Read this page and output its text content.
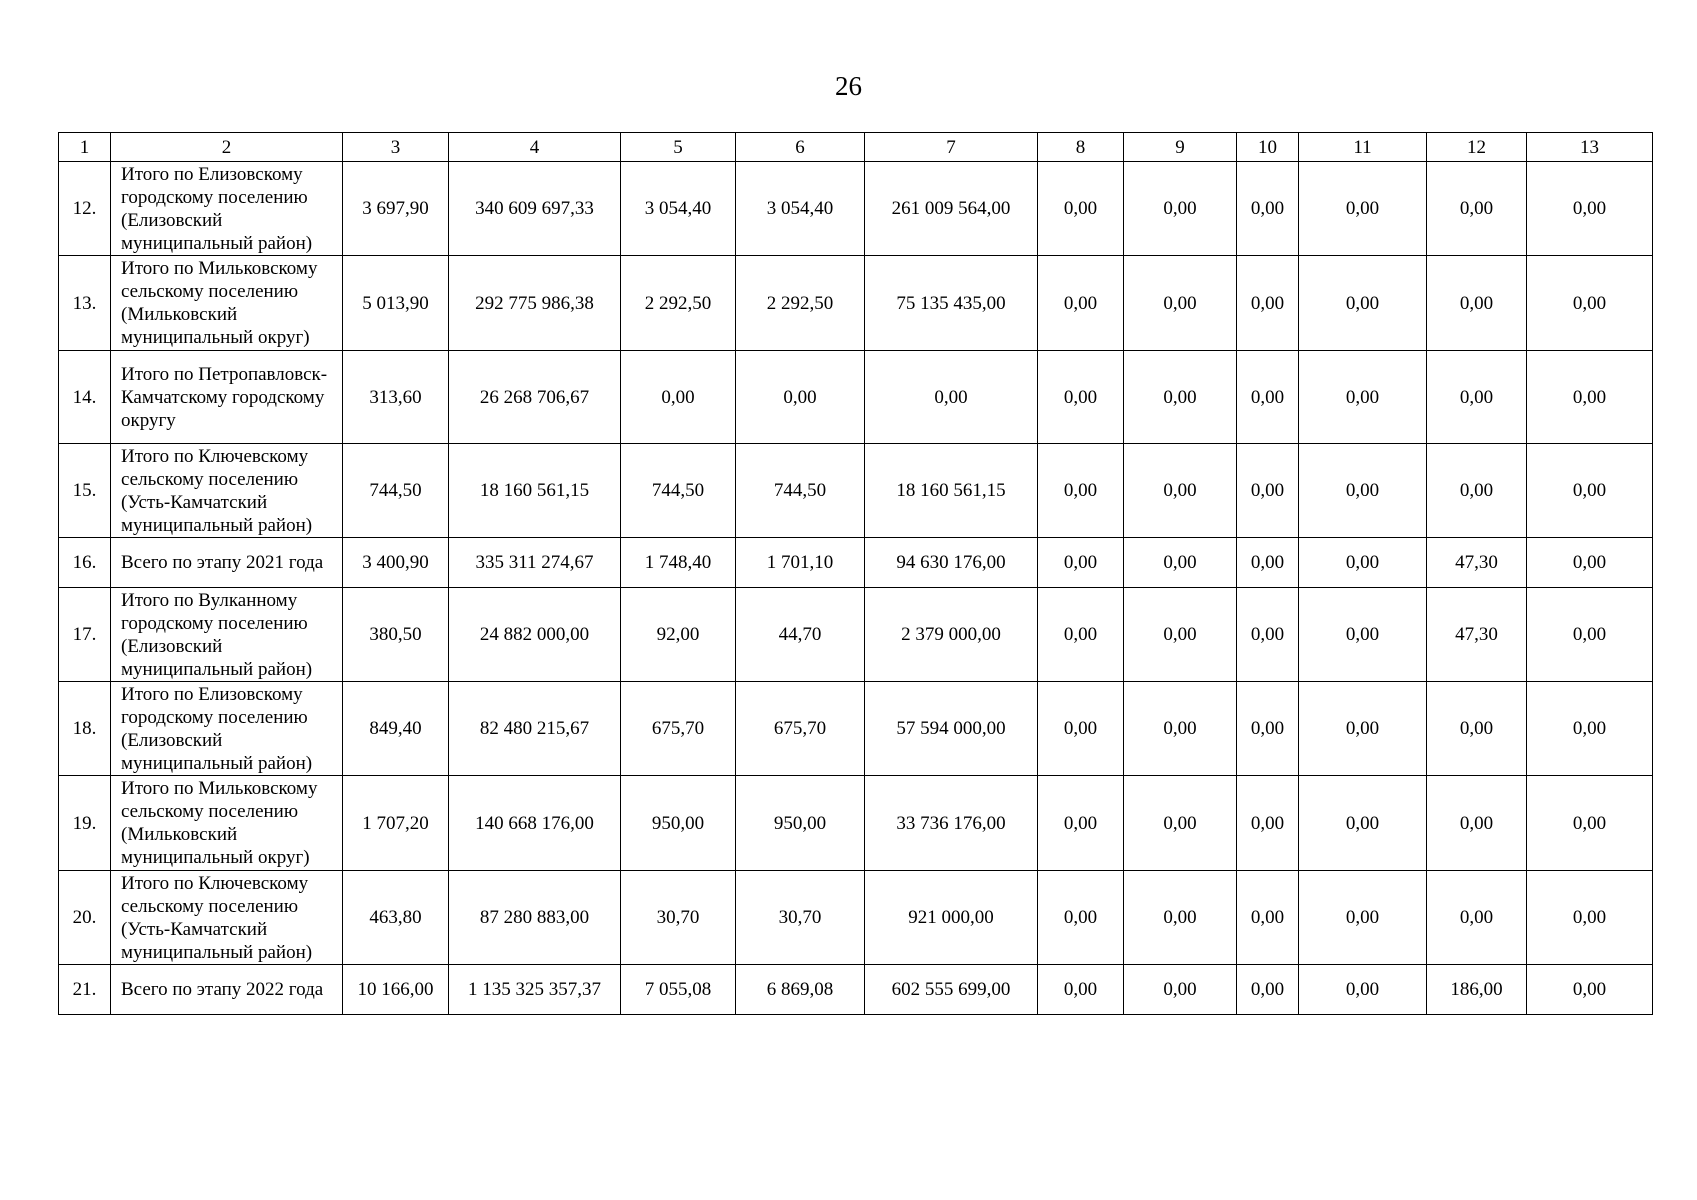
26
1	2	3	4	5	6	7	8	9	10	11	12	13
12.	Итого по Елизовскому городскому поселению (Елизовский муниципальный район)	3 697,90	340 609 697,33	3 054,40	3 054,40	261 009 564,00	0,00	0,00	0,00	0,00	0,00	0,00
13.	Итого по Мильковскому сельскому поселению (Мильковский муниципальный округ)	5 013,90	292 775 986,38	2 292,50	2 292,50	75 135 435,00	0,00	0,00	0,00	0,00	0,00	0,00
14.	Итого по Петропавловск-Камчатскому городскому округу	313,60	26 268 706,67	0,00	0,00	0,00	0,00	0,00	0,00	0,00	0,00	0,00
15.	Итого по Ключевскому сельскому поселению (Усть-Камчатский муниципальный район)	744,50	18 160 561,15	744,50	744,50	18 160 561,15	0,00	0,00	0,00	0,00	0,00	0,00
16.	Всего по этапу 2021 года	3 400,90	335 311 274,67	1 748,40	1 701,10	94 630 176,00	0,00	0,00	0,00	0,00	47,30	0,00
17.	Итого по Вулканному городскому поселению (Елизовский муниципальный район)	380,50	24 882 000,00	92,00	44,70	2 379 000,00	0,00	0,00	0,00	0,00	47,30	0,00
18.	Итого по Елизовскому городскому поселению (Елизовский муниципальный район)	849,40	82 480 215,67	675,70	675,70	57 594 000,00	0,00	0,00	0,00	0,00	0,00	0,00
19.	Итого по Мильковскому сельскому поселению (Мильковский муниципальный округ)	1 707,20	140 668 176,00	950,00	950,00	33 736 176,00	0,00	0,00	0,00	0,00	0,00	0,00
20.	Итого по Ключевскому сельскому поселению (Усть-Камчатский муниципальный район)	463,80	87 280 883,00	30,70	30,70	921 000,00	0,00	0,00	0,00	0,00	0,00	0,00
21.	Всего по этапу 2022 года	10 166,00	1 135 325 357,37	7 055,08	6 869,08	602 555 699,00	0,00	0,00	0,00	0,00	186,00	0,00
